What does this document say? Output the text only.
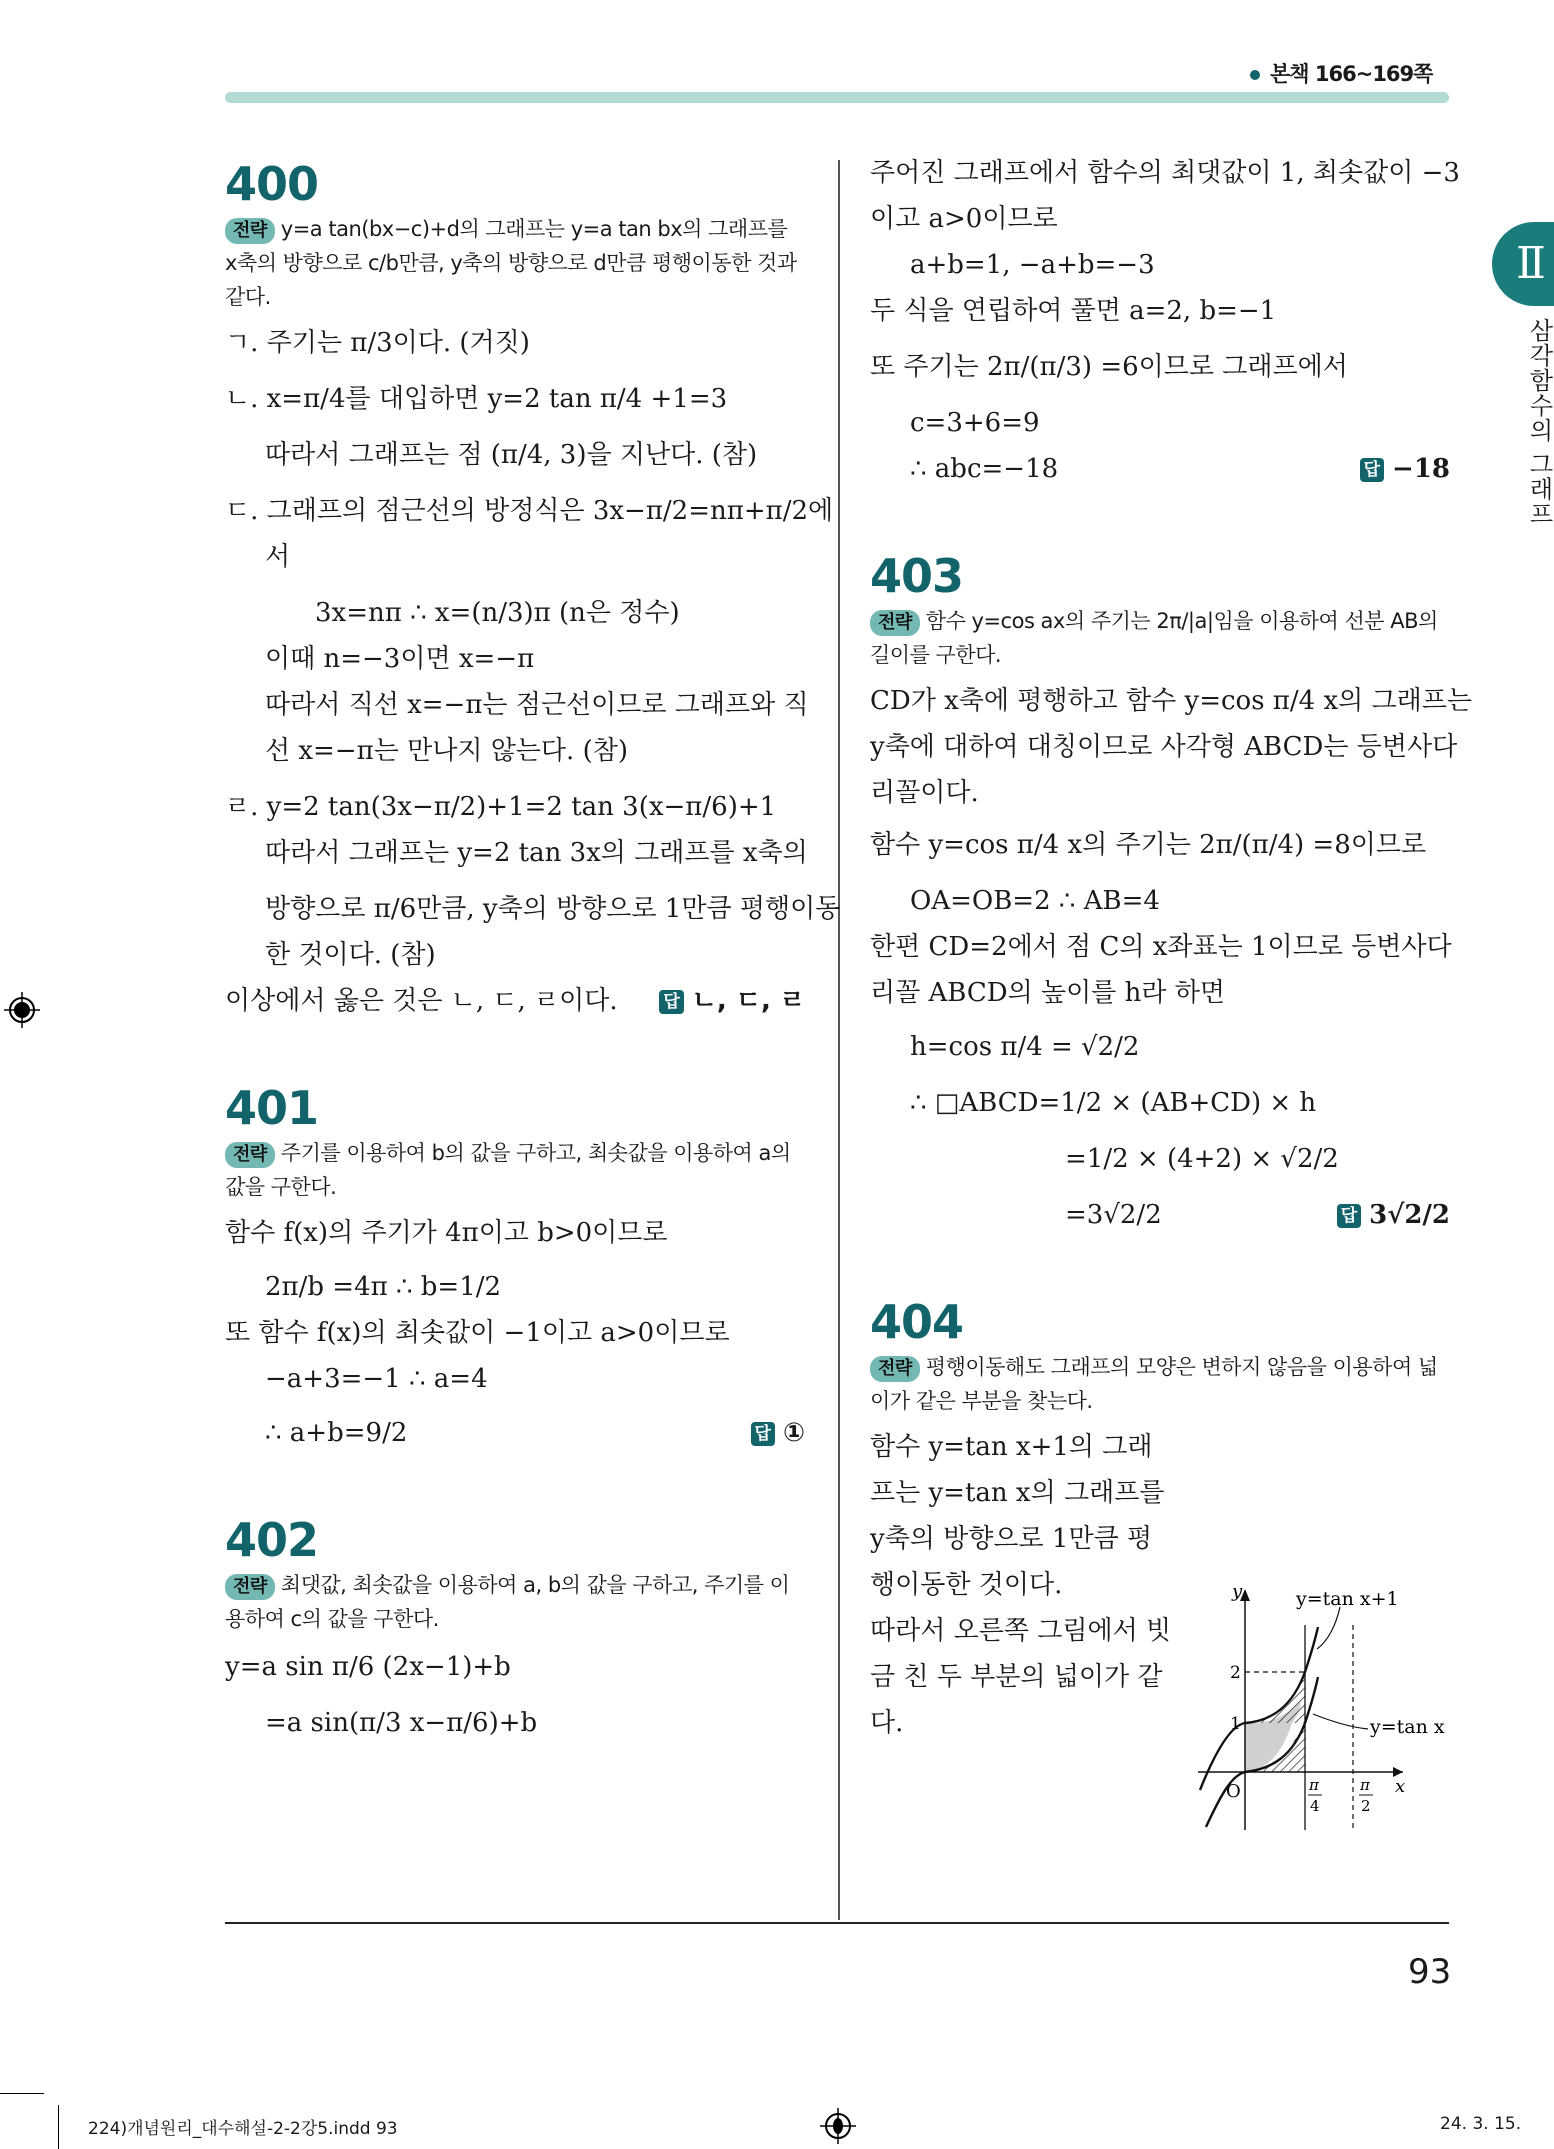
본책 166~169쪽
Ⅱ
삼각함수의 그래프
400
전략 y=a tan(bx−c)+d의 그래프는 y=a tan bx의 그래프를 x축의 방향으로 c/b만큼, y축의 방향으로 d만큼 평행이동한 것과 같다.
ㄱ. 주기는 π/3이다. (거짓)
ㄴ. x=π/4를 대입하면 y=2 tan π/4 +1=3
따라서 그래프는 점 (π/4, 3)을 지난다. (참)
ㄷ. 그래프의 점근선의 방정식은 3x−π/2=nπ+π/2에
서
3x=nπ ∴ x=(n/3)π (n은 정수)
이때 n=−3이면 x=−π
따라서 직선 x=−π는 점근선이므로 그래프와 직
선 x=−π는 만나지 않는다. (참)
ㄹ. y=2 tan(3x−π/2)+1=2 tan 3(x−π/6)+1
따라서 그래프는 y=2 tan 3x의 그래프를 x축의
방향으로 π/6만큼, y축의 방향으로 1만큼 평행이동
한 것이다. (참)
이상에서 옳은 것은 ㄴ, ㄷ, ㄹ이다.	답 ㄴ, ㄷ, ㄹ
401
전략 주기를 이용하여 b의 값을 구하고, 최솟값을 이용하여 a의 값을 구한다.
함수 f(x)의 주기가 4π이고 b>0이므로
2π/b =4π ∴ b=1/2
또 함수 f(x)의 최솟값이 −1이고 a>0이므로
−a+3=−1 ∴ a=4
∴ a+b=9/2	답 ①
402
전략 최댓값, 최솟값을 이용하여 a, b의 값을 구하고, 주기를 이용하여 c의 값을 구한다.
y=a sin π/6 (2x−1)+b
=a sin(π/3 x−π/6)+b
주어진 그래프에서 함수의 최댓값이 1, 최솟값이 −3
이고 a>0이므로
a+b=1, −a+b=−3
두 식을 연립하여 풀면 a=2, b=−1
또 주기는 2π/(π/3) =6이므로 그래프에서
c=3+6=9
∴ abc=−18	답 −18
403
전략 함수 y=cos ax의 주기는 2π/|a|임을 이용하여 선분 AB의 길이를 구한다.
CD가 x축에 평행하고 함수 y=cos π/4 x의 그래프는
y축에 대하여 대칭이므로 사각형 ABCD는 등변사다
리꼴이다.
함수 y=cos π/4 x의 주기는 2π/(π/4) =8이므로
OA=OB=2 ∴ AB=4
한편 CD=2에서 점 C의 x좌표는 1이므로 등변사다
리꼴 ABCD의 높이를 h라 하면
h=cos π/4 = √2/2
∴ □ABCD=1/2 × (AB+CD) × h
=1/2 × (4+2) × √2/2
=3√2/2	답 3√2/2
404
전략 평행이동해도 그래프의 모양은 변하지 않음을 이용하여 넓이가 같은 부분을 찾는다.
함수 y=tan x+1의 그래
프는 y=tan x의 그래프를
y축의 방향으로 1만큼 평
행이동한 것이다.
따라서 오른쪽 그림에서 빗
금 친 두 부분의 넓이가 같
다.
y=tan x+1
y=tan x
y
x
O
1
2
π
4
π
2
93
224)개념원리_대수해설-2-2강5.indd 93	24. 3. 15.
